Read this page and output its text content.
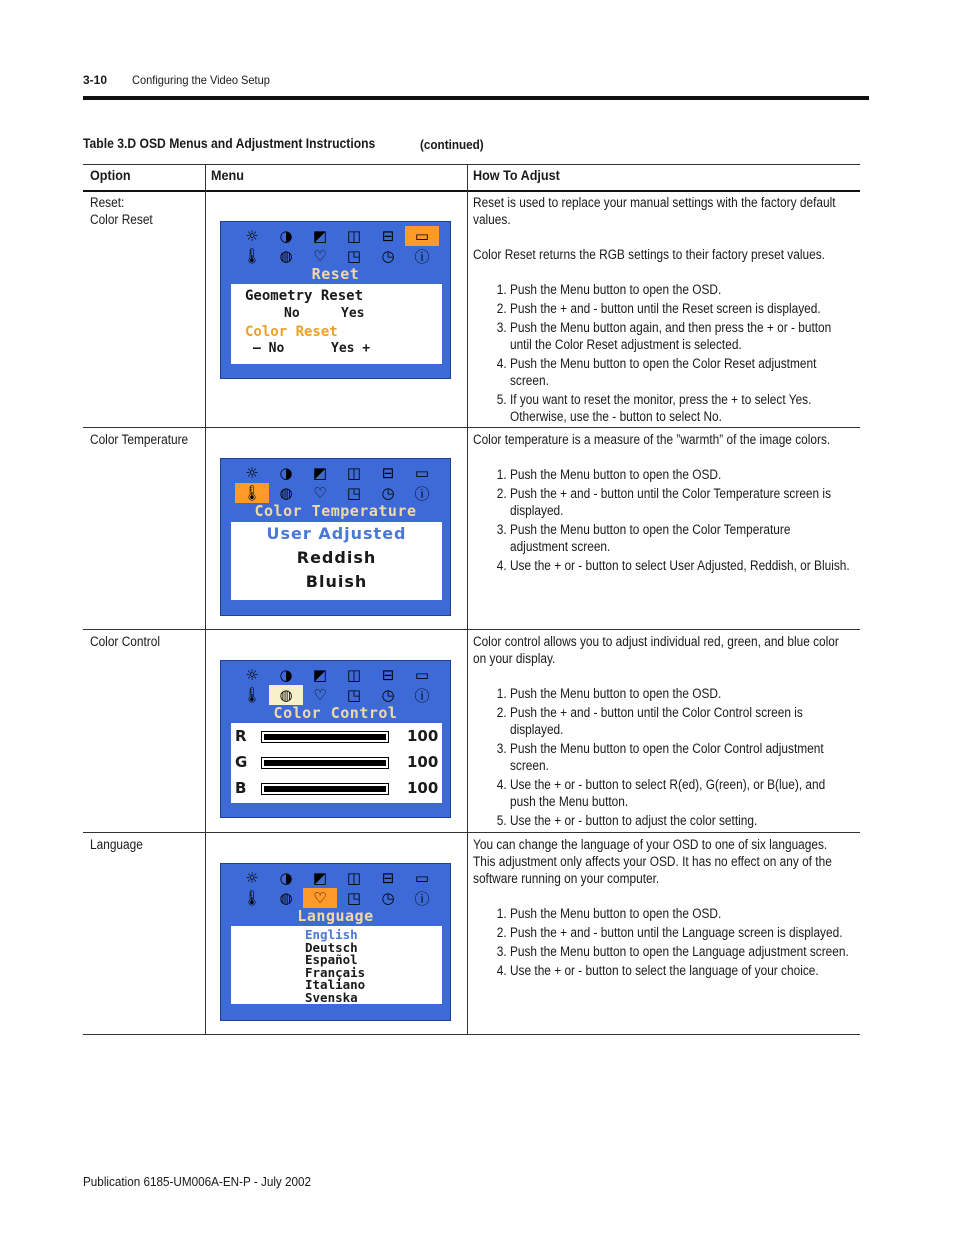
3-10 Configuring the Video Setup
Table 3.D OSD Menus and Adjustment Instructions	(continued)
Option	Menu	How To Adjust
Reset:
Color Reset
☼	◑	◩	◫	⊟	▭
🌡	◍	♡	◳	◷	ⓘ
Reset
Geometry Reset
No	Yes
Color Reset
– No	Yes +

Reset is used to replace your manual settings with the factory default values.

Color Reset returns the RGB settings to their factory preset values.

1. Push the Menu button to open the OSD.
2. Push the + and - button until the Reset screen is displayed.
3. Push the Menu button again, and then press the + or - button until the Color Reset adjustment is selected.
4. Push the Menu button to open the Color Reset adjustment screen.
5. If you want to reset the monitor, press the + to select Yes. Otherwise, use the - button to select No.
Color Temperature
☼	◑	◩	◫	⊟	▭
🌡	◍	♡	◳	◷	ⓘ
Color Temperature
User Adjusted
Reddish
Bluish

Color temperature is a measure of the ”warmth” of the image colors.

1. Push the Menu button to open the OSD.
2. Push the + and - button until the Color Temperature screen is displayed.
3. Push the Menu button to open the Color Temperature adjustment screen.
4. Use the + or - button to select User Adjusted, Reddish, or Bluish.
Color Control
☼	◑	◩	◫	⊟	▭
🌡	◍	♡	◳	◷	ⓘ
Color Control
R	100
G	100
B	100

Color control allows you to adjust individual red, green, and blue color on your display.

1. Push the Menu button to open the OSD.
2. Push the + and - button until the Color Control screen is displayed.
3. Push the Menu button to open the Color Control adjustment screen.
4. Use the + or - button to select R(ed), G(reen), or B(lue), and push the Menu button.
5. Use the + or - button to adjust the color setting.
Language
☼	◑	◩	◫	⊟	▭
🌡	◍	♡	◳	◷	ⓘ
Language
English
Deutsch
Español
Français
Italiano
Svenska

You can change the language of your OSD to one of six languages. This adjustment only affects your OSD. It has no effect on any of the software running on your computer.

1. Push the Menu button to open the OSD.
2. Push the + and - button until the Language screen is displayed.
3. Push the Menu button to open the Language adjustment screen.
4. Use the + or - button to select the language of your choice.
Publication 6185-UM006A-EN-P - July 2002
